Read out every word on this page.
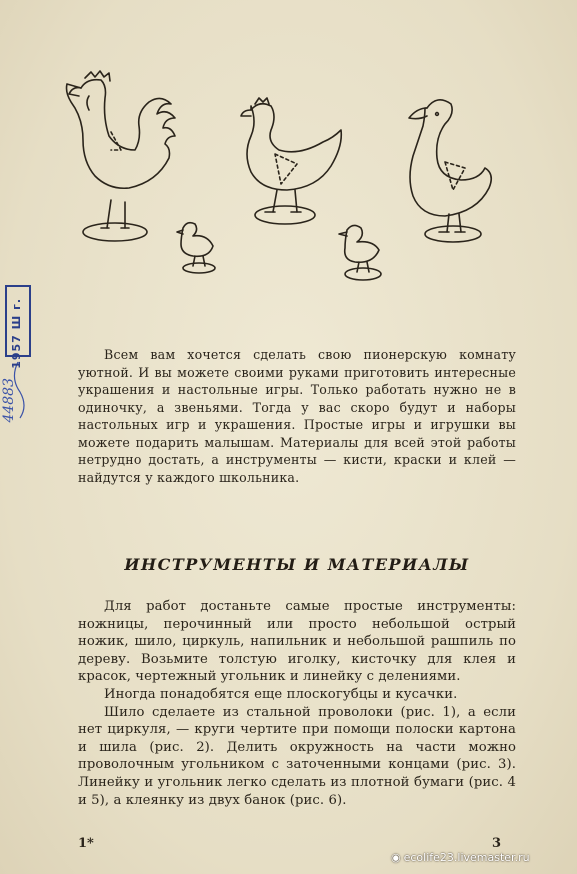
1957 Ш г.
44883

Всем вам хочется сделать свою пионерскую комнату уютной. И вы можете своими руками приготовить интересные украшения и настольные игры. Только работать нужно не в одиночку, а звеньями. Тогда у вас скоро будут и наборы настольных игр и украшения. Простые игры и игрушки вы можете подарить малышам. Материалы для всей этой работы нетрудно достать, а инструменты — кисти, краски и клей — найдутся у каждого школьника.

ИНСТРУМЕНТЫ И МАТЕРИАЛЫ

Для работ достаньте самые простые инструменты: ножницы, перочинный или просто небольшой острый ножик, шило, циркуль, напильник и небольшой рашпиль по дереву. Возьмите толстую иголку, кисточку для клея и красок, чертежный угольник и линейку с делениями.

Иногда понадобятся еще плоскогубцы и кусачки.

Шило сделаете из стальной проволоки (рис. 1), а если нет циркуля, — круги чертите при помощи полоски картона и шила (рис. 2). Делить окружность на части можно проволочным угольником с заточенными концами (рис. 3). Линейку и угольник легко сделать из плотной бумаги (рис. 4 и 5), а клеянку из двух банок (рис. 6).

1*	3
◉ ecolife23.livemaster.ru
